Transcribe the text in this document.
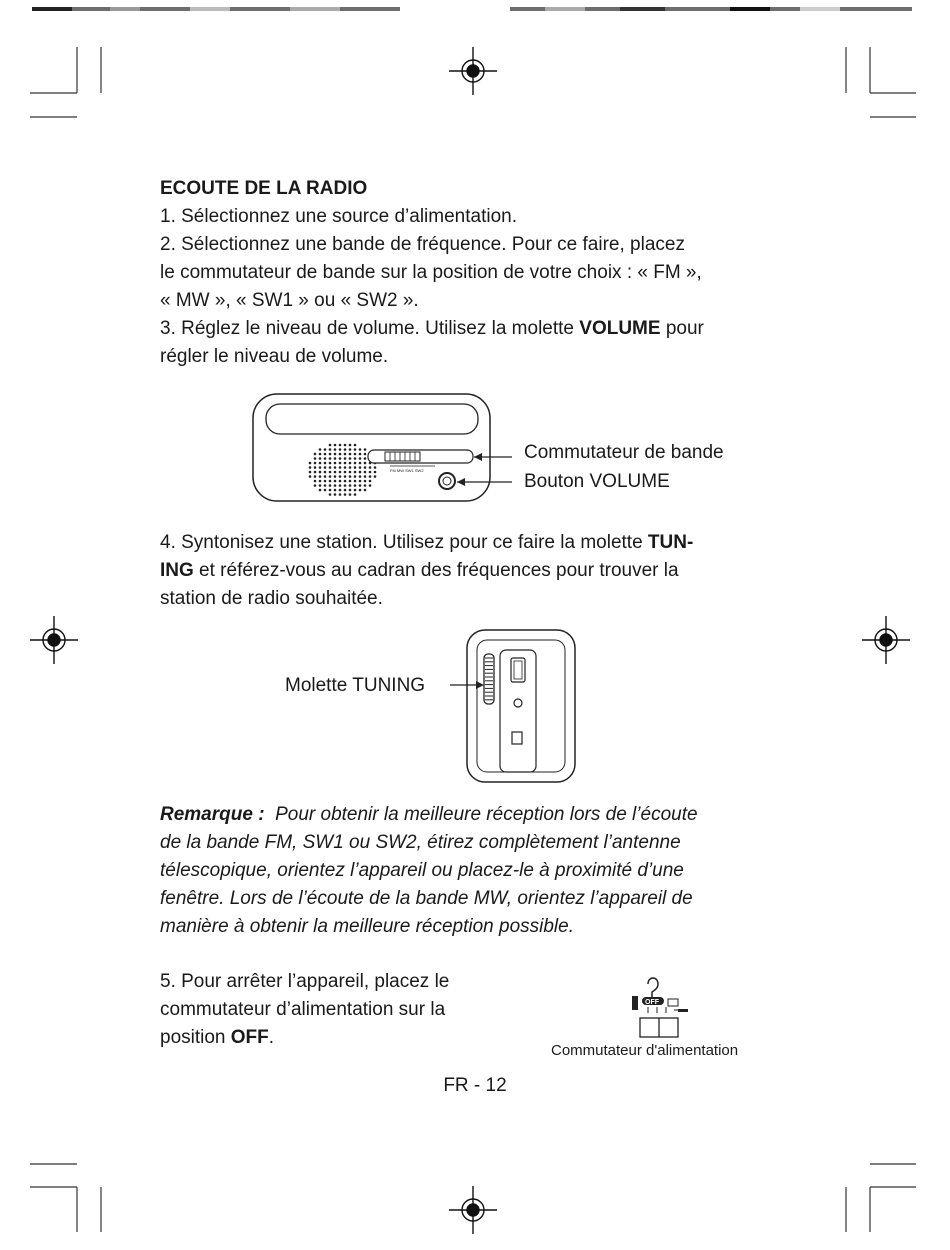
ECOUTE DE LA RADIO

1. Sélectionnez une source d’alimentation.

2. Sélectionnez une bande de fréquence. Pour ce faire, placez

le commutateur de bande sur la position de votre choix : « FM »,

« MW », « SW1 » ou « SW2 ».

3. Réglez le niveau de volume. Utilisez la molette VOLUME pour

régler le niveau de volume.

FM MW SW1 SW2
Commutateur de bande
Bouton VOLUME

4. Syntonisez une station. Utilisez pour ce faire la molette TUN-

ING et référez-vous au cadran des fréquences pour trouver la

station de radio souhaitée.

Molette TUNING

Remarque : Pour obtenir la meilleure réception lors de l’écoute

de la bande FM, SW1 ou SW2, étirez complètement l’antenne

télescopique, orientez l’appareil ou placez-le à proximité d’une

fenêtre. Lors de l’écoute de la bande MW, orientez l’appareil de

manière à obtenir la meilleure réception possible.

5. Pour arrêter l’appareil, placez le

commutateur d’alimentation sur la

position OFF.

OFF
Commutateur d'alimentation
FR - 12
